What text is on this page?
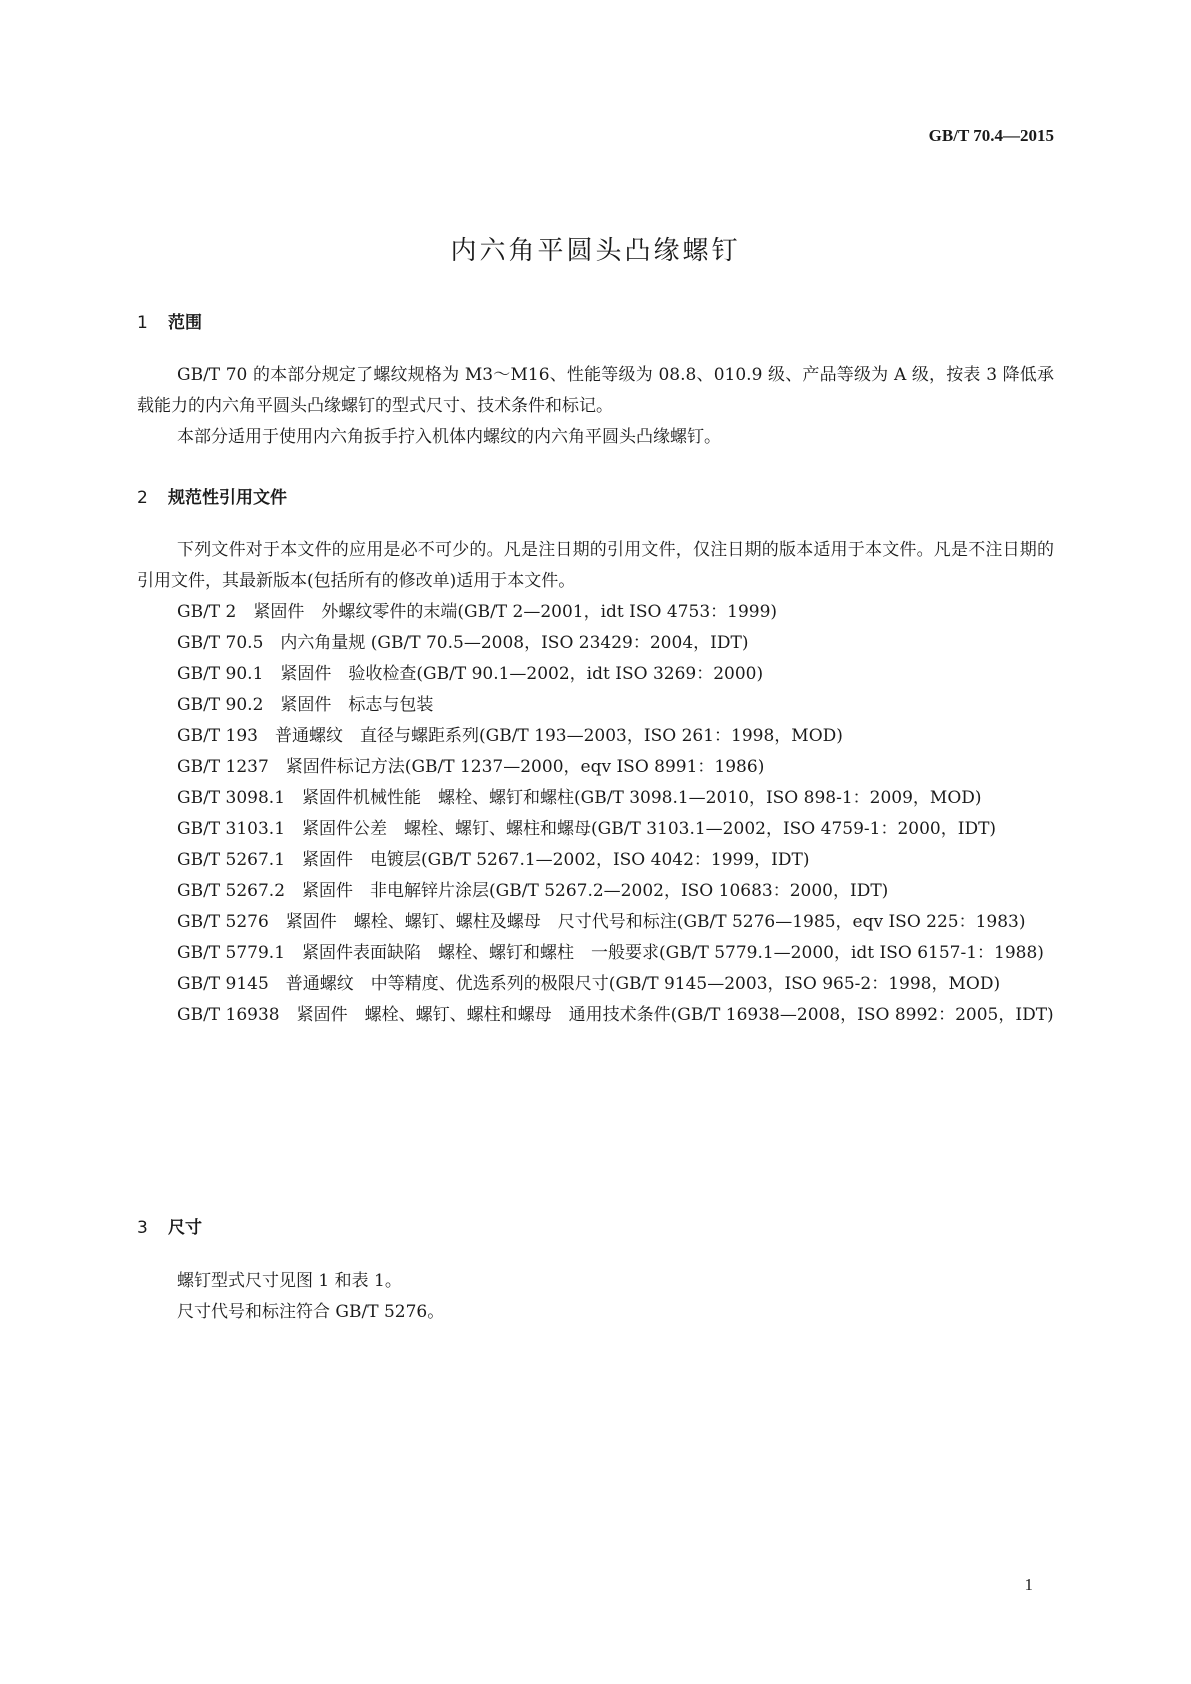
GB/T 70.4—2015
内六角平圆头凸缘螺钉
1 范围
GB/T 70 的本部分规定了螺纹规格为 M3～M16、性能等级为 08.8、010.9 级、产品等级为 A 级，按表 3 降低承载能力的内六角平圆头凸缘螺钉的型式尺寸、技术条件和标记。
本部分适用于使用内六角扳手拧入机体内螺纹的内六角平圆头凸缘螺钉。
2 规范性引用文件
下列文件对于本文件的应用是必不可少的。凡是注日期的引用文件，仅注日期的版本适用于本文件。凡是不注日期的引用文件，其最新版本(包括所有的修改单)适用于本文件。
GB/T 2　紧固件　外螺纹零件的末端(GB/T 2—2001，idt ISO 4753：1999)
GB/T 70.5　内六角量规 (GB/T 70.5—2008，ISO 23429：2004，IDT)
GB/T 90.1　紧固件　验收检查(GB/T 90.1—2002，idt ISO 3269：2000)
GB/T 90.2　紧固件　标志与包装
GB/T 193　普通螺纹　直径与螺距系列(GB/T 193—2003，ISO 261：1998，MOD)
GB/T 1237　紧固件标记方法(GB/T 1237—2000，eqv ISO 8991：1986)
GB/T 3098.1　紧固件机械性能　螺栓、螺钉和螺柱(GB/T 3098.1—2010，ISO 898-1：2009，MOD)
GB/T 3103.1　紧固件公差　螺栓、螺钉、螺柱和螺母(GB/T 3103.1—2002，ISO 4759-1：2000，IDT)
GB/T 5267.1　紧固件　电镀层(GB/T 5267.1—2002，ISO 4042：1999，IDT)
GB/T 5267.2　紧固件　非电解锌片涂层(GB/T 5267.2—2002，ISO 10683：2000，IDT)
GB/T 5276　紧固件　螺栓、螺钉、螺柱及螺母　尺寸代号和标注(GB/T 5276—1985，eqv ISO 225：1983)
GB/T 5779.1　紧固件表面缺陷　螺栓、螺钉和螺柱　一般要求(GB/T 5779.1—2000，idt ISO 6157-1：1988)
GB/T 9145　普通螺纹　中等精度、优选系列的极限尺寸(GB/T 9145—2003，ISO 965-2：1998，MOD)
GB/T 16938　紧固件　螺栓、螺钉、螺柱和螺母　通用技术条件(GB/T 16938—2008，ISO 8992：2005，IDT)
3 尺寸
螺钉型式尺寸见图 1 和表 1。
尺寸代号和标注符合 GB/T 5276。
1
